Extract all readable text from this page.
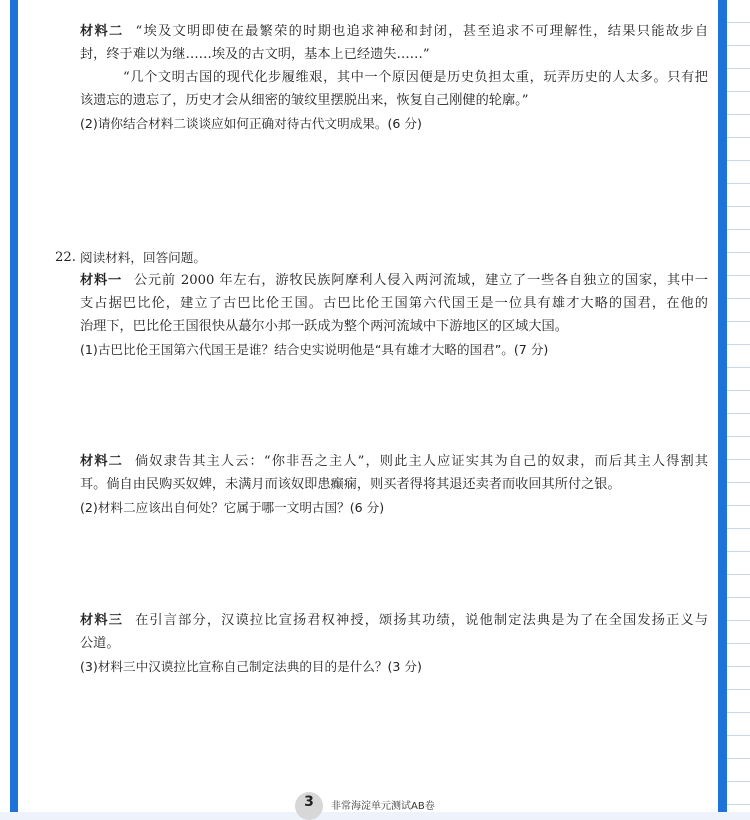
材料二 “埃及文明即使在最繁荣的时期也追求神秘和封闭，甚至追求不可理解性，结果只能故步自
封，终于难以为继……埃及的古文明，基本上已经遗失……”
“几个文明古国的现代化步履维艰，其中一个原因便是历史负担太重，玩弄历史的人太多。只有把
该遗忘的遗忘了，历史才会从细密的皱纹里摆脱出来，恢复自己刚健的轮廓。”
(2)请你结合材料二谈谈应如何正确对待古代文明成果。(6 分)
22. 阅读材料，回答问题。
材料一 公元前 2000 年左右，游牧民族阿摩利人侵入两河流域，建立了一些各自独立的国家，其中一
支占据巴比伦，建立了古巴比伦王国。古巴比伦王国第六代国王是一位具有雄才大略的国君，在他的
治理下，巴比伦王国很快从蕞尔小邦一跃成为整个两河流域中下游地区的区域大国。
(1)古巴比伦王国第六代国王是谁？结合史实说明他是“具有雄才大略的国君”。(7 分)
材料二 倘奴隶告其主人云：“你非吾之主人”，则此主人应证实其为自己的奴隶，而后其主人得割其
耳。倘自由民购买奴婢，未满月而该奴即患癫痫，则买者得将其退还卖者而收回其所付之银。
(2)材料二应该出自何处？它属于哪一文明古国？(6 分)
材料三 在引言部分，汉谟拉比宣扬君权神授，颂扬其功绩，说他制定法典是为了在全国发扬正义与
公道。
(3)材料三中汉谟拉比宣称自己制定法典的目的是什么？(3 分)
3	非常海淀单元测试AB卷
